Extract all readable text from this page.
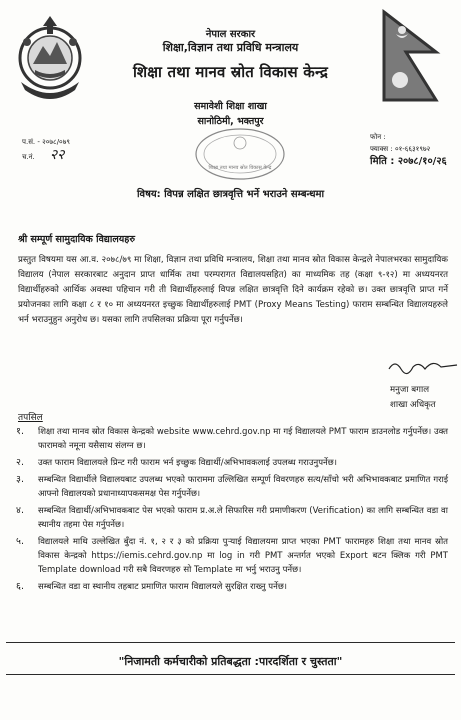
नेपाल सरकार
शिक्षा,विज्ञान तथा प्रविधि मन्त्रालय
शिक्षा तथा मानव स्रोत विकास केन्द्र
समावेशी शिक्षा शाखा
सानोठिमी, भक्तपुर
प.सं. - २०७८/०७९
च.नं. २२
शिक्षा तथा मानव स्रोत विकास केन्द्र
फोन :
फ्याक्स : ०१-६६३१९७२
मिति : २०७८/१०/२६
विषय: विपन्न लक्षित छात्रवृत्ति भर्ने भराउने सम्बन्धमा
श्री सम्पूर्ण सामुदायिक विद्यालयहरु
प्रस्तुत विषयमा यस आ.व. २०७८/७९ मा शिक्षा, विज्ञान तथा प्रविधि मन्त्रालय, शिक्षा तथा मानव स्रोत विकास केन्द्रले नेपालभरका सामुदायिक विद्यालय (नेपाल सरकारबाट अनुदान प्राप्त धार्मिक तथा परम्परागत विद्यालयसहित) का माध्यमिक तह (कक्षा ९-१२) मा अध्ययनरत विद्यार्थीहरुको आर्थिक अवस्था पहिचान गरी ती विद्यार्थीहरुलाई विपन्न लक्षित छात्रवृत्ति दिने कार्यक्रम रहेको छ। उक्त छात्रवृत्ति प्राप्त गर्ने प्रयोजनका लागि कक्षा ८ र १० मा अध्ययनरत इच्छुक विद्यार्थीहरुलाई PMT (Proxy Means Testing) फाराम सम्बन्धित विद्यालयहरुले भर्न भराउनुहुन अनुरोध छ। यसका लागि तपसिलका प्रक्रिया पूरा गर्नुपर्नेछ।
मनुजा बगाल
शाखा अधिकृत
तपसिल
१.	शिक्षा तथा मानव स्रोत विकास केन्द्रको website www.cehrd.gov.np मा गई विद्यालयले PMT फाराम डाउनलोड गर्नुपर्नेछ। उक्त फारामको नमूना यसैसाथ संलग्न छ।
२.	उक्त फाराम विद्यालयले प्रिन्ट गरी फाराम भर्न इच्छुक विद्यार्थी/अभिभावकलाई उपलब्ध गराउनुपर्नेछ।
३.	सम्बन्धित विद्यार्थीले विद्यालयबाट उपलब्ध भएको फाराममा उल्लिखित सम्पूर्ण विवरणहरु सत्य/साँचो भरी अभिभावकबाट प्रमाणित गराई आफ्नो विद्यालयको प्रधानाध्यापकसमक्ष पेस गर्नुपर्नेछ।
४.	सम्बन्धित विद्यार्थी/अभिभावकबाट पेस भएको फाराम प्र.अ.ले सिफारिस गरी प्रमाणीकरण (Verification) का लागि सम्बन्धित वडा वा स्थानीय तहमा पेस गर्नुपर्नेछ।
५.	विद्यालयले माथि उल्लेखित बुँदा नं. १, २ र ३ को प्रक्रिया पुऱ्याई विद्यालयमा प्राप्त भएका PMT फारामहरु शिक्षा तथा मानव स्रोत विकास केन्द्रको https://iemis.cehrd.gov.np मा log in गरी PMT अन्तर्गत भएको Export बटन क्लिक गरी PMT Template download गरी सबै विवरणहरु सो Template मा भर्नु भराउनु पर्नेछ।
६.	सम्बन्धित वडा वा स्थानीय तहबाट प्रमाणित फाराम विद्यालयले सुरक्षित राख्नु पर्नेछ।
"निजामती कर्मचारीको प्रतिबद्धता :पारदर्शिता र चुस्तता"
